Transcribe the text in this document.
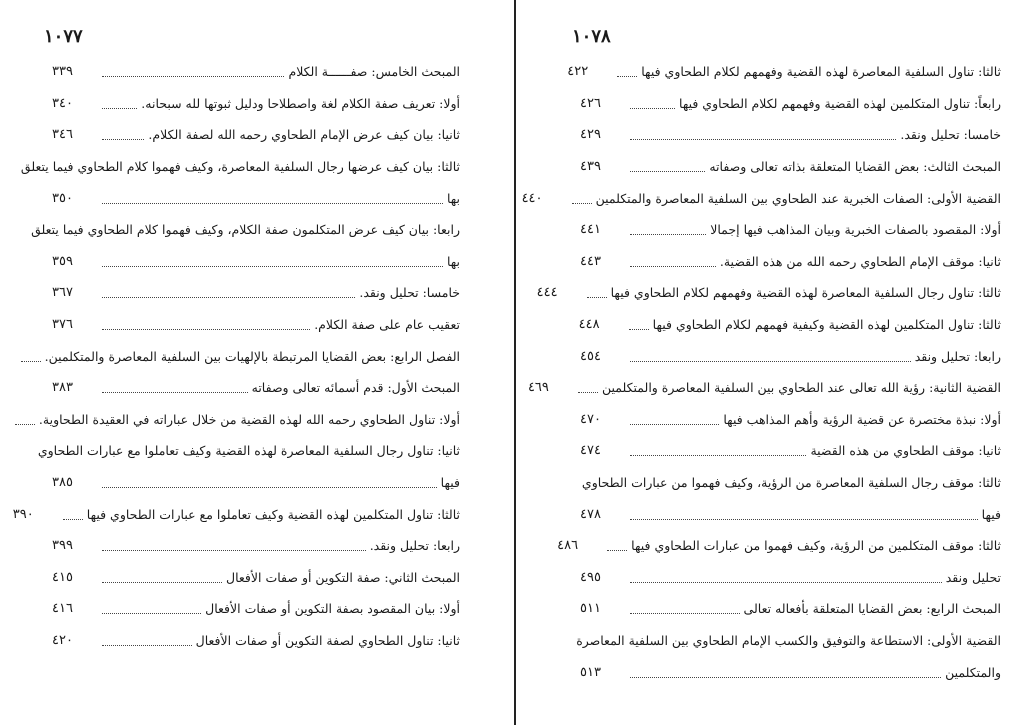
١٠٧٧
المبحث الخامس: صفــــــة الكلام
٣٣٩
أولا: تعريف صفة الكلام لغة واصطلاحا ودليل ثبوتها لله سبحانه.
٣٤٠
ثانيا: بيان كيف عرض الإمام الطحاوي رحمه الله لصفة الكلام.
٣٤٦
ثالثا: بيان كيف عرضها رجال السلفية المعاصرة، وكيف فهموا كلام الطحاوي فيما يتعلق
بها
٣٥٠
رابعا: بيان كيف عرض المتكلمون صفة الكلام، وكيف فهموا كلام الطحاوي فيما يتعلق
بها
٣٥٩
خامسا: تحليل ونقد.
٣٦٧
تعقيب عام على صفة الكلام.
٣٧٦
الفصل الرابع: بعض القضايا المرتبطة بالإلهيات بين السلفية المعاصرة والمتكلمين.
المبحث الأول: قدم أسمائه تعالى وصفاته
٣٨٣
أولا: تناول الطحاوي رحمه الله لهذه القضية من خلال عباراته في العقيدة الطحاوية.
ثانيا: تناول رجال السلفية المعاصرة لهذه القضية وكيف تعاملوا مع عبارات الطحاوي
فيها
٣٨٥
ثالثا: تناول المتكلمين لهذه القضية وكيف تعاملوا مع عبارات الطحاوي فيها
٣٩٠
رابعا: تحليل ونقد.
٣٩٩
المبحث الثاني: صفة التكوين أو صفات الأفعال
٤١٥
أولا: بيان المقصود بصفة التكوين أو صفات الأفعال
٤١٦
ثانيا: تناول الطحاوي لصفة التكوين أو صفات الأفعال
٤٢٠
١٠٧٨
ثالثا: تناول السلفية المعاصرة لهذه القضية وفهمهم لكلام الطحاوي فيها
٤٢٢
رابعاً: تناول المتكلمين لهذه القضية وفهمهم لكلام الطحاوي فيها
٤٢٦
خامسا: تحليل ونقد.
٤٢٩
المبحث الثالث: بعض القضايا المتعلقة بذاته تعالى وصفاته
٤٣٩
القضية الأولى: الصفات الخبرية عند الطحاوي بين السلفية المعاصرة والمتكلمين
٤٤٠
أولا: المقصود بالصفات الخبرية وبيان المذاهب فيها إجمالا
٤٤١
ثانيا: موقف الإمام الطحاوي رحمه الله من هذه القضية.
٤٤٣
ثالثا: تناول رجال السلفية المعاصرة لهذه القضية وفهمهم لكلام الطحاوي فيها
٤٤٤
ثالثا: تناول المتكلمين لهذه القضية وكيفية فهمهم لكلام الطحاوي فيها
٤٤٨
رابعا: تحليل ونقد
٤٥٤
القضية الثانية: رؤية الله تعالى عند الطحاوي بين السلفية المعاصرة والمتكلمين
٤٦٩
أولا: نبذة مختصرة عن قضية الرؤية وأهم المذاهب فيها
٤٧٠
ثانيا: موقف الطحاوي من هذه القضية
٤٧٤
ثالثا: موقف رجال السلفية المعاصرة من الرؤية، وكيف فهموا من عبارات الطحاوي
فيها
٤٧٨
ثالثا: موقف المتكلمين من الرؤية، وكيف فهموا من عبارات الطحاوي فيها
٤٨٦
تحليل ونقد
٤٩٥
المبحث الرابع: بعض القضايا المتعلقة بأفعاله تعالى
٥١١
القضية الأولى: الاستطاعة والتوفيق والكسب الإمام الطحاوي بين السلفية المعاصرة
والمتكلمين
٥١٣
